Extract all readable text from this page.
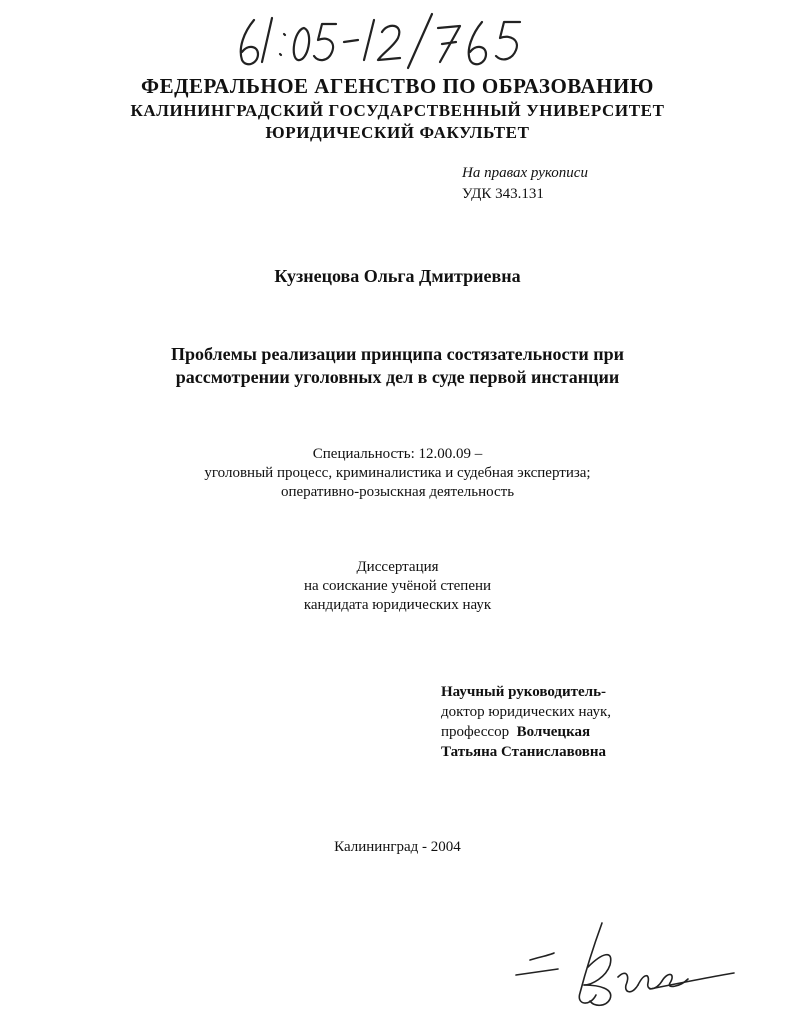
ФЕДЕРАЛЬНОЕ АГЕНСТВО ПО ОБРАЗОВАНИЮ
КАЛИНИНГРАДСКИЙ ГОСУДАРСТВЕННЫЙ УНИВЕРСИТЕТ
ЮРИДИЧЕСКИЙ ФАКУЛЬТЕТ
На правах рукописи
УДК 343.131
Кузнецова Ольга Дмитриевна
Проблемы реализации принципа состязательности при
рассмотрении уголовных дел в суде первой инстанции
Специальность: 12.00.09 –
уголовный процесс, криминалистика и судебная экспертиза;
оперативно-розыскная деятельность
Диссертация
на соискание учёной степени
кандидата юридических наук
Научный руководитель-
доктор юридических наук,
профессор Волчецкая
Татьяна Станиславовна
Калининград - 2004
